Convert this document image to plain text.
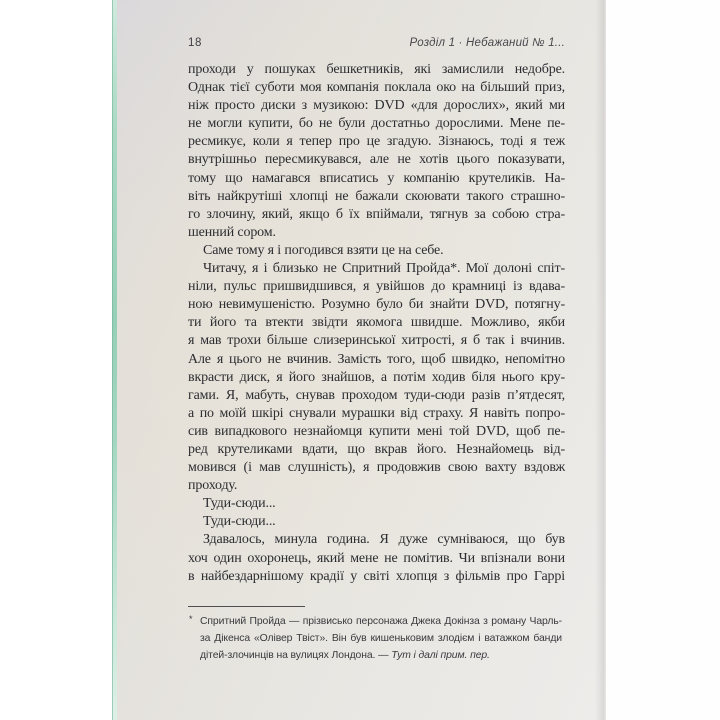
18	Розділ 1 · Небажаний № 1...
проходи у пошуках бешкетників, які замислили недобре.
Однак тієї суботи моя компанія поклала око на більший приз,
ніж просто диски з музикою: DVD «для дорослих», який ми
не могли купити, бо не були достатньо дорослими. Мене пе-
ресмикує, коли я тепер про це згадую. Зізнаюсь, тоді я теж
внутрішньо пересмикувався, але не хотів цього показувати,
тому що намагався вписатись у компанію крутеликів. На-
віть найкрутіші хлопці не бажали скоювати такого страшно-
го злочину, який, якщо б їх впіймали, тягнув за собою стра-
шенний сором.
Саме тому я і погодився взяти це на себе.
Читачу, я і близько не Спритний Пройда*. Мої долоні спіт-
ніли, пульс пришвидшився, я увійшов до крамниці із вдава-
ною невимушеністю. Розумно було би знайти DVD, потягну-
ти його та втекти звідти якомога швидше. Можливо, якби
я мав трохи більше слизеринської хитрості, я б так і вчинив.
Але я цього не вчинив. Замість того, щоб швидко, непомітно
вкрасти диск, я його знайшов, а потім ходив біля нього кру-
гами. Я, мабуть, снував проходом туди-сюди разів п’ятдесят,
а по моїй шкірі снували мурашки від страху. Я навіть попро-
сив випадкового незнайомця купити мені той DVD, щоб пе-
ред крутеликами вдати, що вкрав його. Незнайомець від-
мовився (і мав слушність), я продовжив свою вахту вздовж
проходу.
Туди-сюди...
Туди-сюди...
Здавалось, минула година. Я дуже сумніваюся, що був
хоч один охоронець, який мене не помітив. Чи впізнали вони
в найбездарнішому крадії у світі хлопця з фільмів про Гаррі
* Спритний Пройда — прізвисько персонажа Джека Докінза з роману Чарль-
за Дікенса «Олівер Твіст». Він був кишеньковим злодієм і ватажком банди
дітей-злочинців на вулицях Лондона. — Тут і далі прим. пер.
